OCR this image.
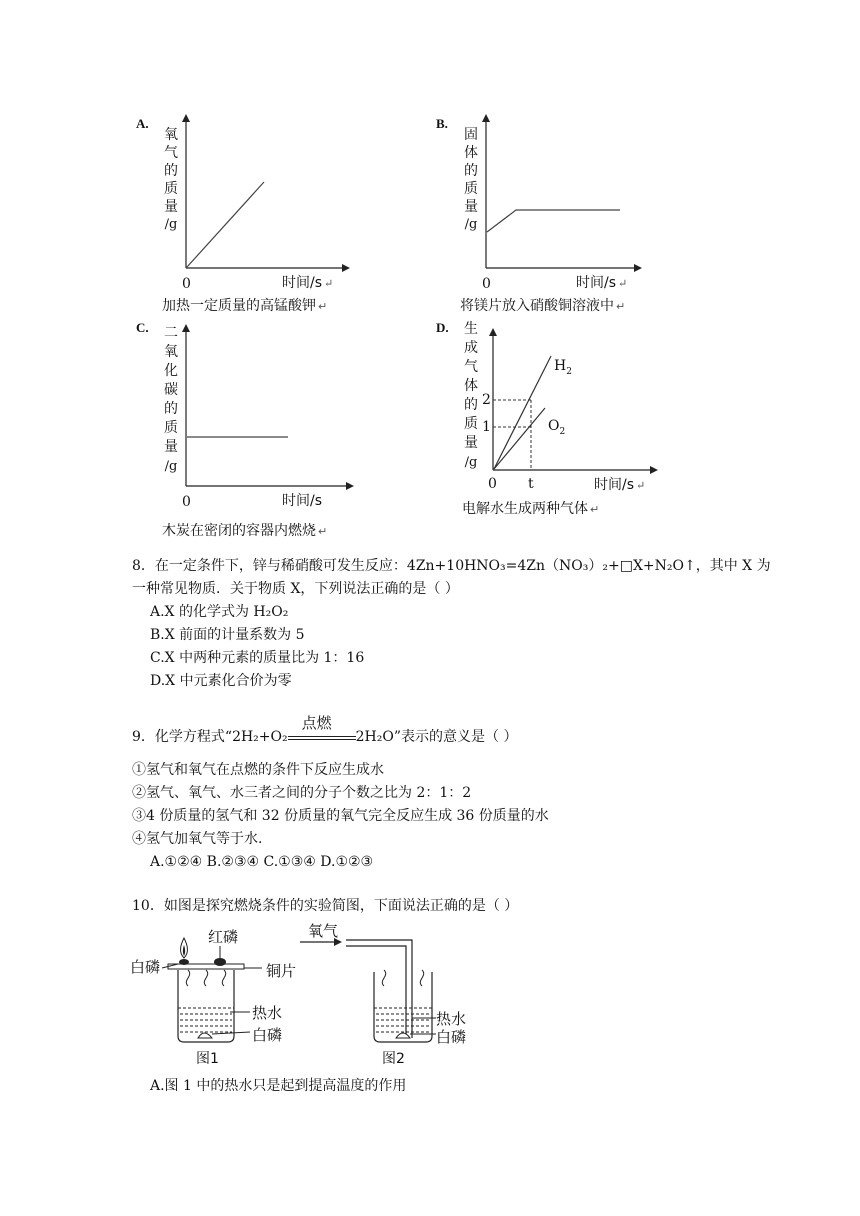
A.
氧
气
的
质
量
/g
0	时间/s ↵
加热一定质量的高锰酸钾 ↵
B.
固
体
的
质
量
/g
0	时间/s ↵
将镁片放入硝酸铜溶液中 ↵
C. 二
氧
化
碳
的
质
量
/g
0	时间/s
木炭在密闭的容器内燃烧 ↵
D. 生
成
气
体
的
质
量
/g
2
1
$H_2$
$O_2$
0 t	时间/s ↵
电解水生成两种气体 ↵
8．在一定条件下，锌与稀硝酸可发生反应：4Zn+10HNO₃=4Zn（NO₃）₂+□X+N₂O↑，其中 X 为
一种常见物质．关于物质 X，下列说法正确的是（ ）
A.X 的化学式为 H₂O₂
B.X 前面的计量系数为 5
C.X 中两种元素的质量比为 1：16
D.X 中元素化合价为零
9．化学方程式“2H₂+O₂
点燃
2H₂O”表示的意义是（ ）
①氢气和氧气在点燃的条件下反应生成水
②氢气、氧气、水三者之间的分子个数之比为 2：1：2
③4 份质量的氢气和 32 份质量的氧气完全反应生成 36 份质量的水
④氢气加氧气等于水.
A.①②④ B.②③④ C.①③④ D.①②③
10．如图是探究燃烧条件的实验简图，下面说法正确的是（ ）
红磷
白磷	铜片
热水
白磷
图1
氧气
热水
白磷
图2
A.图 1 中的热水只是起到提高温度的作用
